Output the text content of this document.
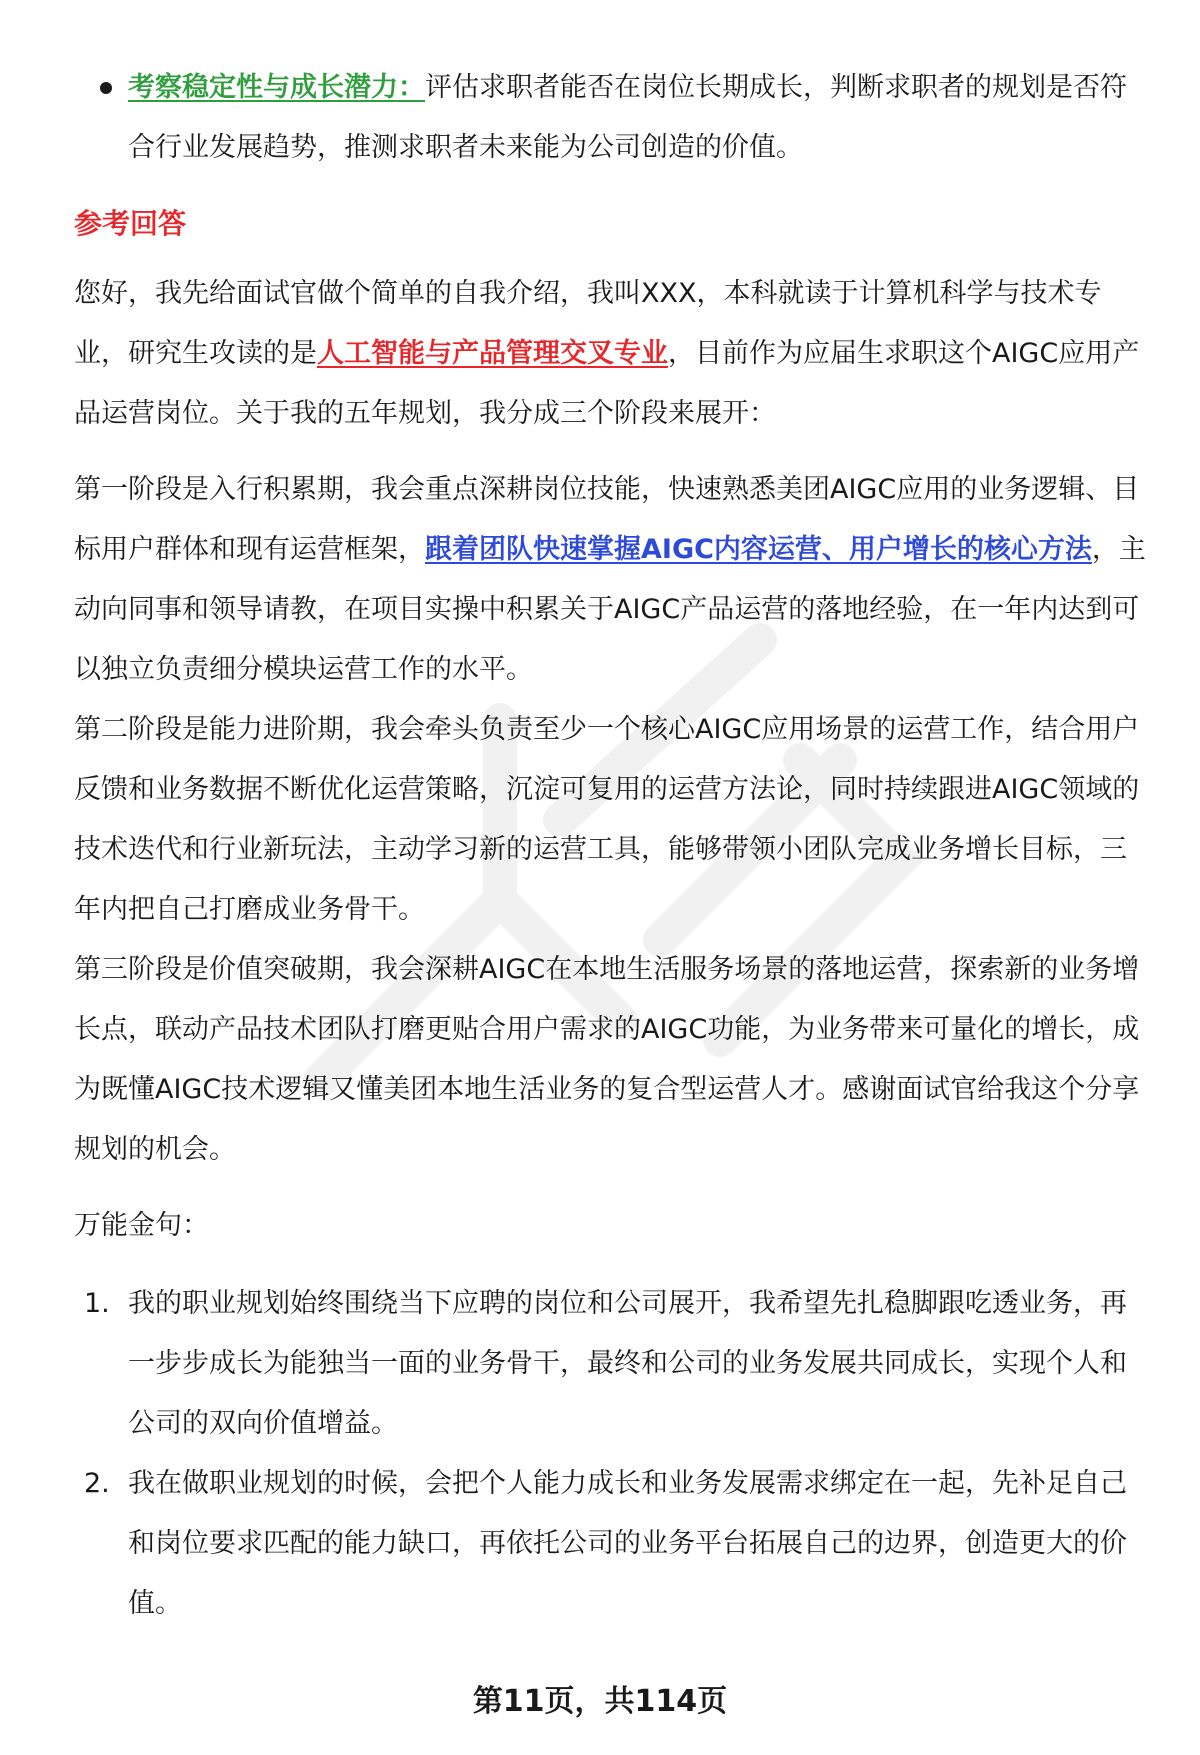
考察稳定性与成长潜力：评估求职者能否在岗位长期成长，判断求职者的规划是否符合行业发展趋势，推测求职者未来能为公司创造的价值。

参考回答

您好，我先给面试官做个简单的自我介绍，我叫XXX，本科就读于计算机科学与技术专业，研究生攻读的是人工智能与产品管理交叉专业，目前作为应届生求职这个AIGC应用产品运营岗位。关于我的五年规划，我分成三个阶段来展开：

第一阶段是入行积累期，我会重点深耕岗位技能，快速熟悉美团AIGC应用的业务逻辑、目标用户群体和现有运营框架，跟着团队快速掌握AIGC内容运营、用户增长的核心方法，主动向同事和领导请教，在项目实操中积累关于AIGC产品运营的落地经验，在一年内达到可以独立负责细分模块运营工作的水平。

第二阶段是能力进阶期，我会牵头负责至少一个核心AIGC应用场景的运营工作，结合用户反馈和业务数据不断优化运营策略，沉淀可复用的运营方法论，同时持续跟进AIGC领域的技术迭代和行业新玩法，主动学习新的运营工具，能够带领小团队完成业务增长目标，三年内把自己打磨成业务骨干。

第三阶段是价值突破期，我会深耕AIGC在本地生活服务场景的落地运营，探索新的业务增长点，联动产品技术团队打磨更贴合用户需求的AIGC功能，为业务带来可量化的增长，成为既懂AIGC技术逻辑又懂美团本地生活业务的复合型运营人才。感谢面试官给我这个分享规划的机会。

万能金句：

1. 我的职业规划始终围绕当下应聘的岗位和公司展开，我希望先扎稳脚跟吃透业务，再一步步成长为能独当一面的业务骨干，最终和公司的业务发展共同成长，实现个人和公司的双向价值增益。
2. 我在做职业规划的时候，会把个人能力成长和业务发展需求绑定在一起，先补足自己和岗位要求匹配的能力缺口，再依托公司的业务平台拓展自己的边界，创造更大的价值。
第11页，共114页
